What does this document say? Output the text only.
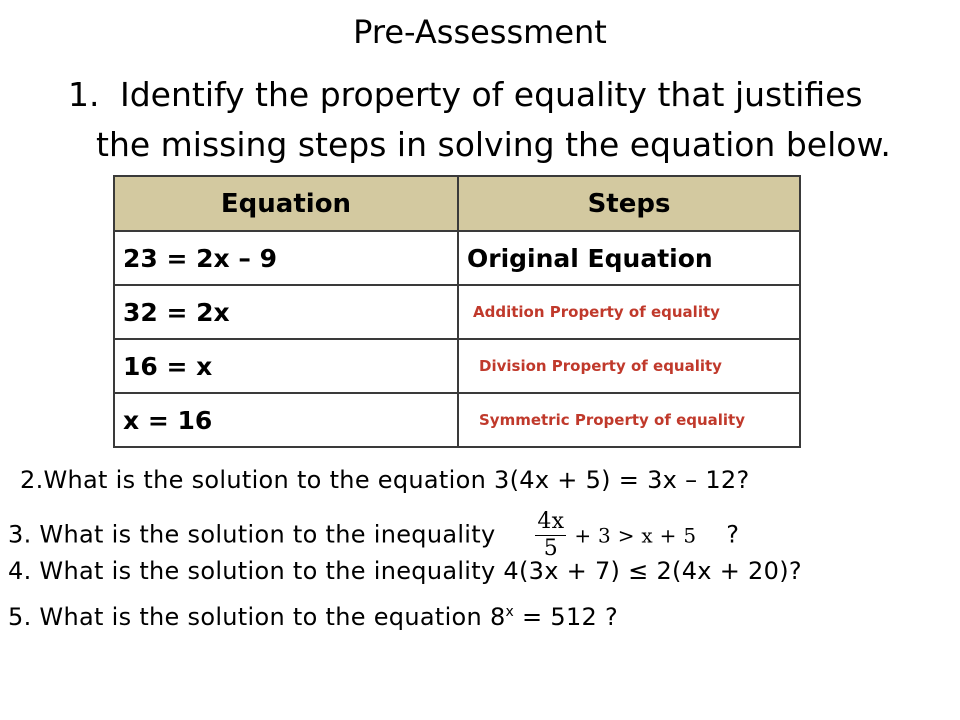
Pre-Assessment
1. Identify the property of equality that justifies
the missing steps in solving the equation below.
Equation	Steps
23 = 2x – 9	Original Equation
32 = 2x	Addition Property of equality
16 = x	Division Property of equality
x = 16	Symmetric Property of equality
2.What is the solution to the equation 3(4x + 5) = 3x – 12?
3. What is the solution to the inequality $\frac{4x}{5} + 3 > x + 5$ ?
4. What is the solution to the inequality 4(3x + 7) ≤ 2(4x + 20)?
5. What is the solution to the equation $8^x = 512$ ?
